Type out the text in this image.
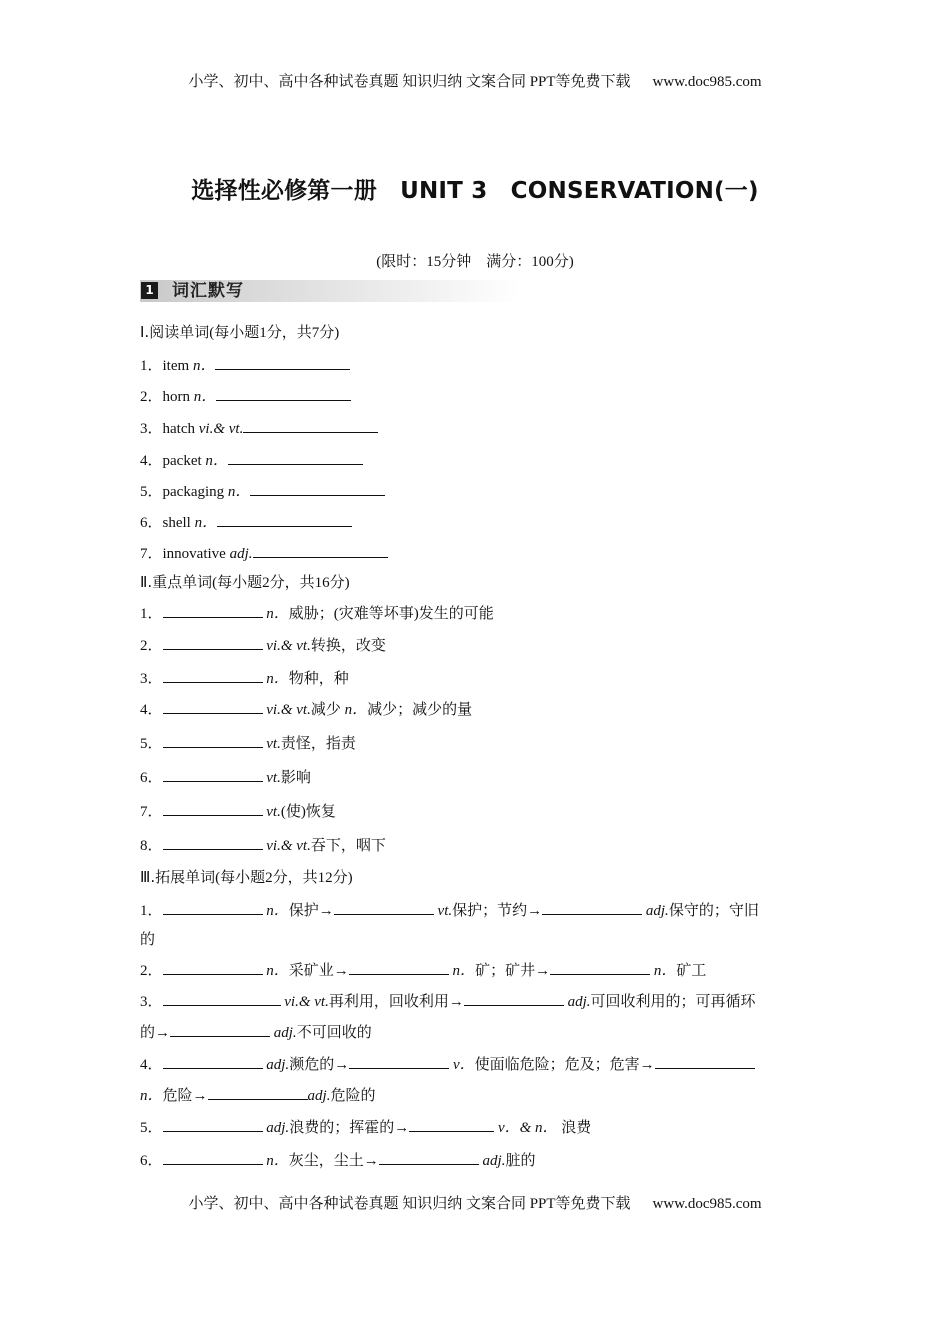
小学、初中、高中各种试卷真题 知识归纳 文案合同 PPT等免费下载 www.doc985.com
选择性必修第一册　UNIT 3　CONSERVATION(一)
(限时：15分钟　满分：100分)
1 词汇默写
Ⅰ.阅读单词(每小题1分，共7分)
1．item n．
2．horn n．
3．hatch vi.& vt.
4．packet n．
5．packaging n．
6．shell n．
7．innovative adj.
Ⅱ.重点单词(每小题2分，共16分)
1．	n．威胁；(灾难等坏事)发生的可能
2．	vi.& vt.转换，改变
3．	n．物种，种
4．	vi.& vt.减少 n．减少；减少的量
5．	vt.责怪，指责
6．	vt.影响
7．	vt.(使)恢复
8．	vi.& vt.吞下，咽下
Ⅲ.拓展单词(每小题2分，共12分)
1．	n．保护→	vt.保护；节约→	adj.保守的；守旧
的
2．	n．采矿业→	n．矿；矿井→	n．矿工
3．	vi.& vt.再利用，回收利用→	adj.可回收利用的；可再循环
的→	adj.不可回收的
4．	adj.濒危的→	v．使面临危险；危及；危害→
n．危险→	adj.危险的
5．	adj.浪费的；挥霍的→	v．& n． 浪费
6．	n．灰尘，尘土→	adj.脏的
小学、初中、高中各种试卷真题 知识归纳 文案合同 PPT等免费下载 www.doc985.com
